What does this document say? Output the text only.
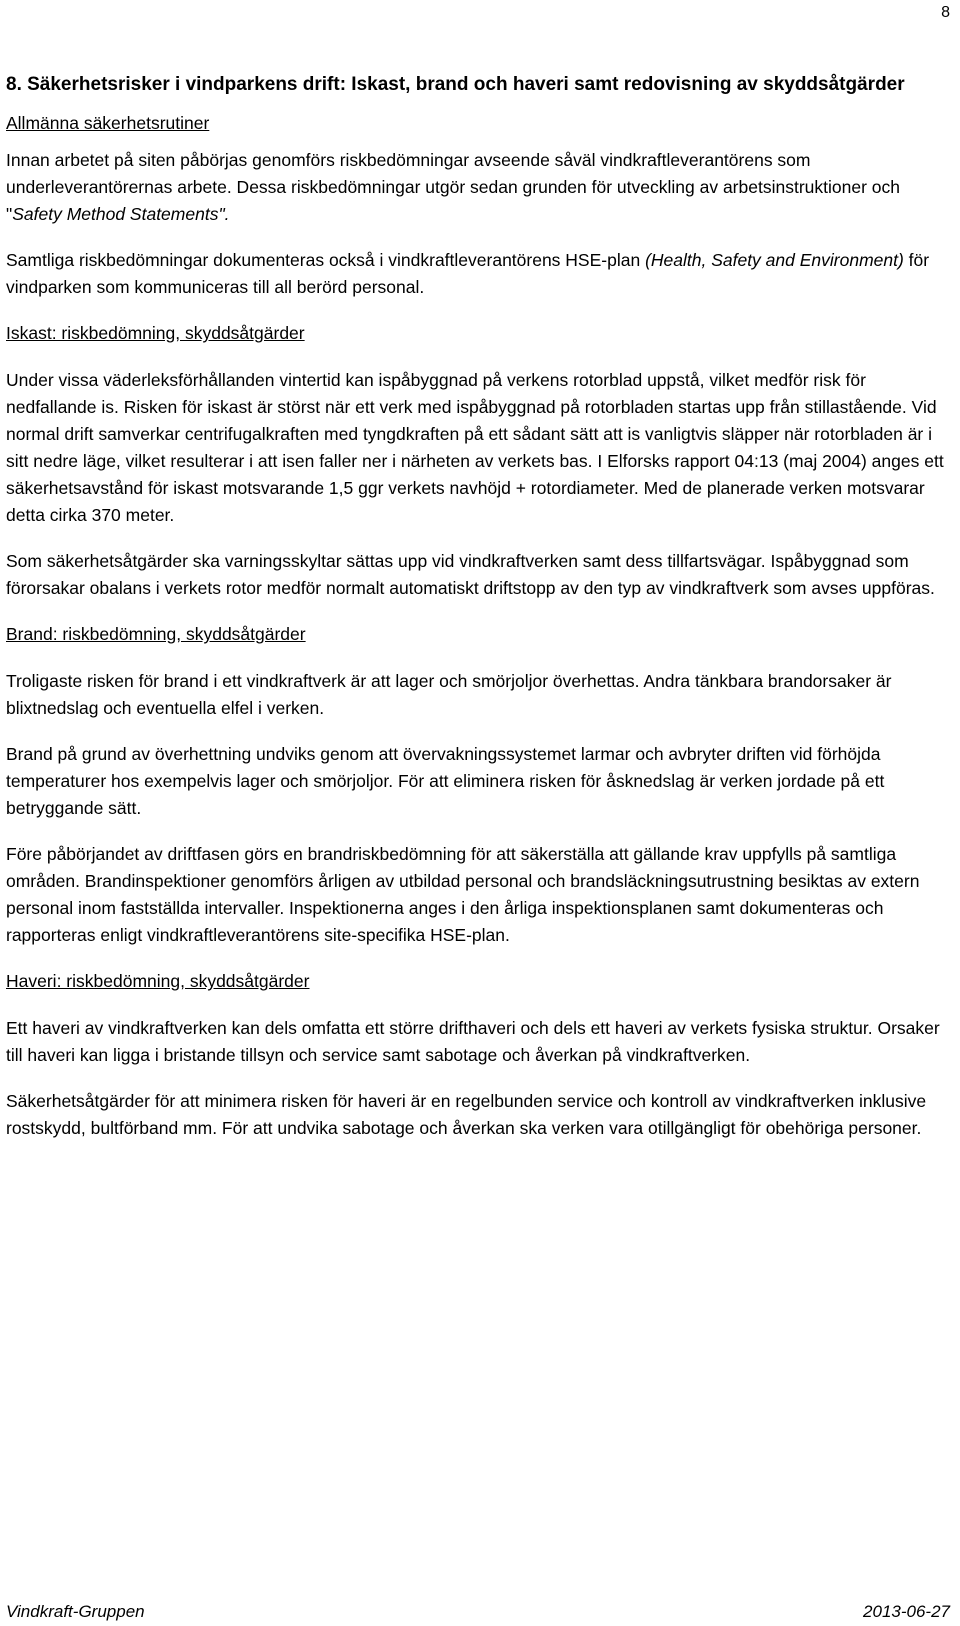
8
8. Säkerhetsrisker i vindparkens drift: Iskast, brand och haveri samt redovisning av skyddsåtgärder
Allmänna säkerhetsrutiner

Innan arbetet på siten påbörjas genomförs riskbedömningar avseende såväl vindkraftleverantörens som underleverantörernas arbete. Dessa riskbedömningar utgör sedan grunden för utveckling av arbetsinstruktioner och "Safety Method Statements".

Samtliga riskbedömningar dokumenteras också i vindkraftleverantörens HSE-plan (Health, Safety and Environment) för vindparken som kommuniceras till all berörd personal.

Iskast: riskbedömning, skyddsåtgärder

Under vissa väderleksförhållanden vintertid kan ispåbyggnad på verkens rotorblad uppstå, vilket medför risk för nedfallande is. Risken för iskast är störst när ett verk med ispåbyggnad på rotorbladen startas upp från stillastående. Vid normal drift samverkar centrifugalkraften med tyngdkraften på ett sådant sätt att is vanligtvis släpper när rotorbladen är i sitt nedre läge, vilket resulterar i att isen faller ner i närheten av verkets bas. I Elforsks rapport 04:13 (maj 2004) anges ett säkerhetsavstånd för iskast motsvarande 1,5 ggr verkets navhöjd + rotordiameter. Med de planerade verken motsvarar detta cirka 370 meter.

Som säkerhetsåtgärder ska varningsskyltar sättas upp vid vindkraftverken samt dess tillfartsvägar. Ispåbyggnad som förorsakar obalans i verkets rotor medför normalt automatiskt driftstopp av den typ av vindkraftverk som avses uppföras.

Brand: riskbedömning, skyddsåtgärder

Troligaste risken för brand i ett vindkraftverk är att lager och smörjoljor överhettas. Andra tänkbara brandorsaker är blixtnedslag och eventuella elfel i verken.

Brand på grund av överhettning undviks genom att övervakningssystemet larmar och avbryter driften vid förhöjda temperaturer hos exempelvis lager och smörjoljor. För att eliminera risken för åsknedslag är verken jordade på ett betryggande sätt.

Före påbörjandet av driftfasen görs en brandriskbedömning för att säkerställa att gällande krav uppfylls på samtliga områden. Brandinspektioner genomförs årligen av utbildad personal och brandsläckningsutrustning besiktas av extern personal inom fastställda intervaller. Inspektionerna anges i den årliga inspektionsplanen samt dokumenteras och rapporteras enligt vindkraftleverantörens site-specifika HSE-plan.

Haveri: riskbedömning, skyddsåtgärder

Ett haveri av vindkraftverken kan dels omfatta ett större drifthaveri och dels ett haveri av verkets fysiska struktur. Orsaker till haveri kan ligga i bristande tillsyn och service samt sabotage och åverkan på vindkraftverken.

Säkerhetsåtgärder för att minimera risken för haveri är en regelbunden service och kontroll av vindkraftverken inklusive rostskydd, bultförband mm. För att undvika sabotage och åverkan ska verken vara otillgängligt för obehöriga personer.

Vindkraft-Gruppen	2013-06-27
